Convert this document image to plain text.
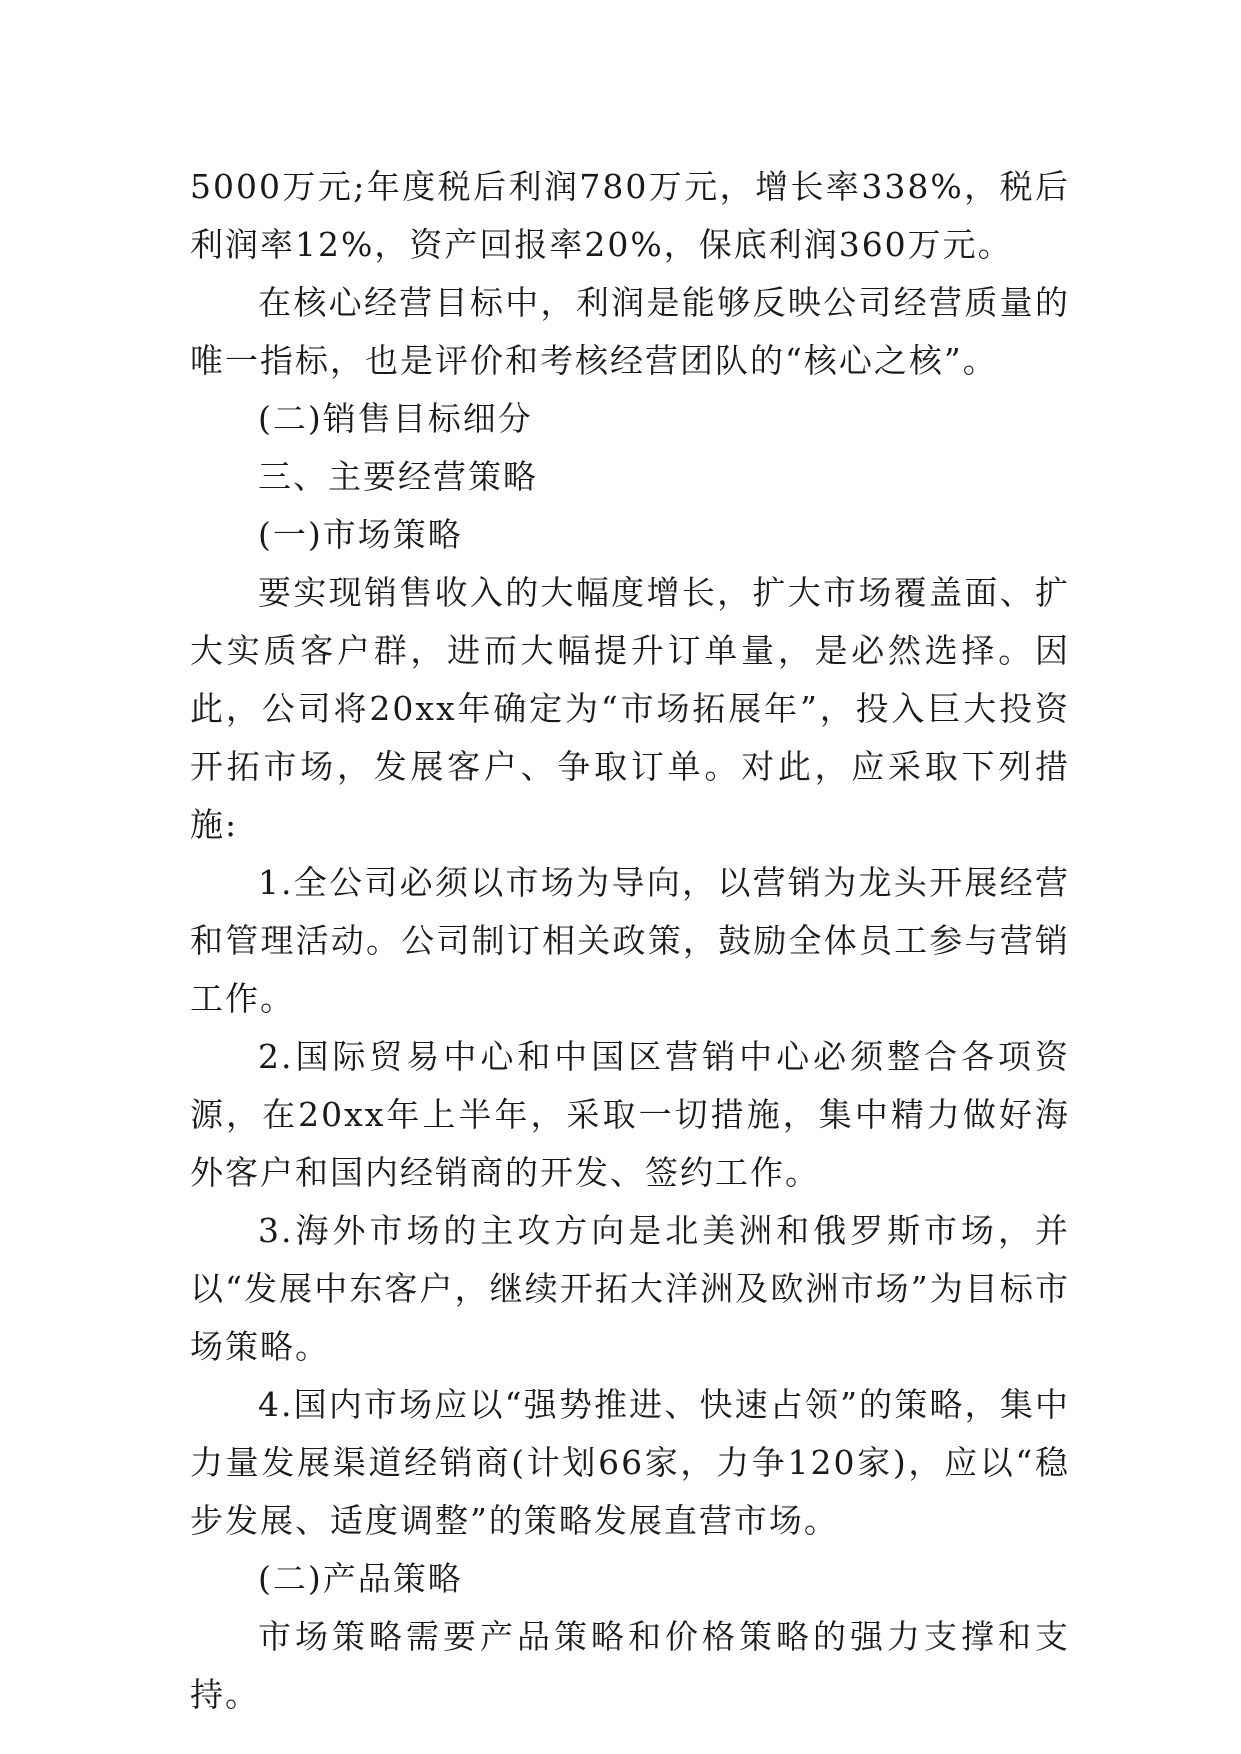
5000万元;年度税后利润780万元，增长率338%，税后利润率12%，资产回报率20%，保底利润360万元。

在核心经营目标中，利润是能够反映公司经营质量的唯一指标，也是评价和考核经营团队的“核心之核”。

(二)销售目标细分

三、主要经营策略

(一)市场策略

要实现销售收入的大幅度增长，扩大市场覆盖面、扩大实质客户群，进而大幅提升订单量，是必然选择。因此，公司将20xx年确定为“市场拓展年”，投入巨大投资开拓市场，发展客户、争取订单。对此，应采取下列措施:

1.全公司必须以市场为导向，以营销为龙头开展经营和管理活动。公司制订相关政策，鼓励全体员工参与营销工作。

2.国际贸易中心和中国区营销中心必须整合各项资源，在20xx年上半年，采取一切措施，集中精力做好海外客户和国内经销商的开发、签约工作。

3.海外市场的主攻方向是北美洲和俄罗斯市场，并以“发展中东客户，继续开拓大洋洲及欧洲市场”为目标市场策略。

4.国内市场应以“强势推进、快速占领”的策略，集中力量发展渠道经销商(计划66家，力争120家)，应以“稳步发展、适度调整”的策略发展直营市场。

(二)产品策略

市场策略需要产品策略和价格策略的强力支撑和支持。
